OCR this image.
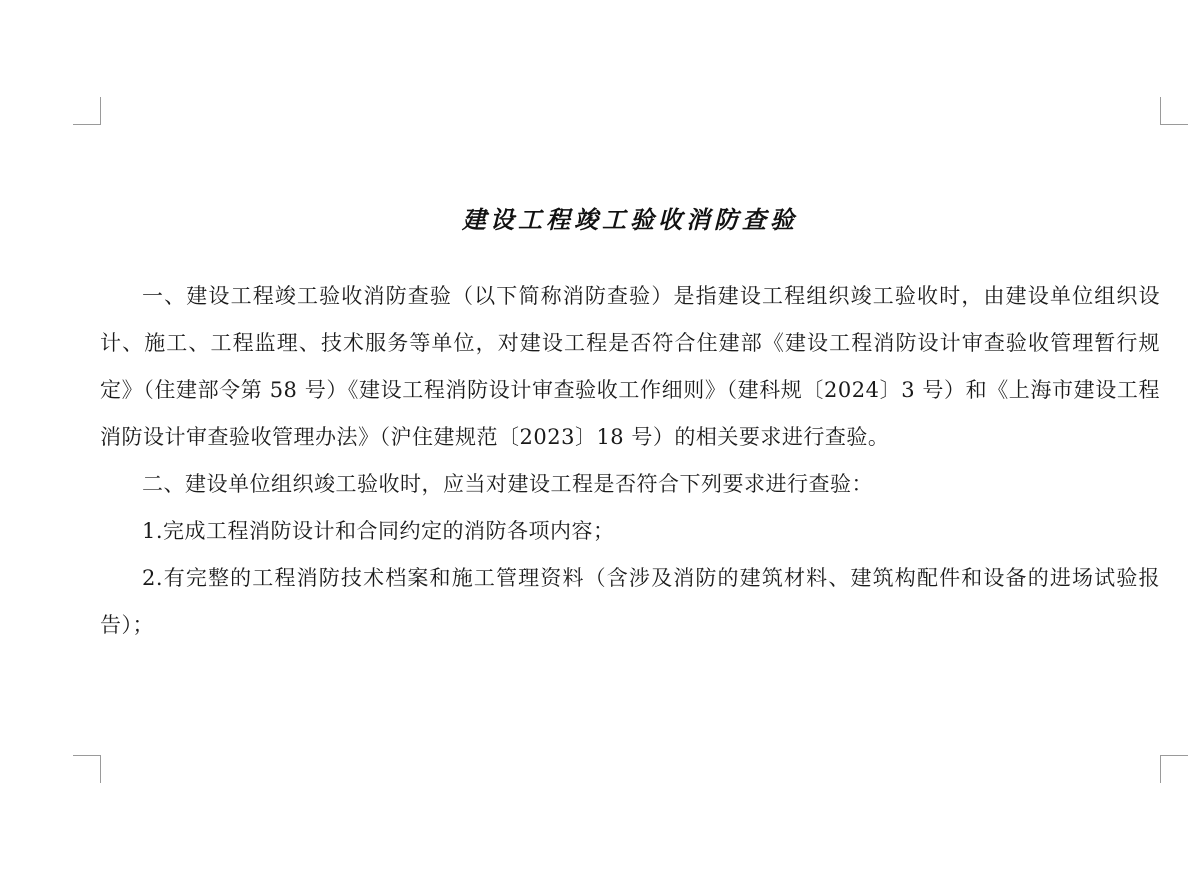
建设工程竣工验收消防查验

一、建设工程竣工验收消防查验（以下简称消防查验）是指建设工程组织竣工验收时，由建设单位组织设计、施工、工程监理、技术服务等单位，对建设工程是否符合住建部《建设工程消防设计审查验收管理暂行规定》（住建部令第 58 号）《建设工程消防设计审查验收工作细则》（建科规〔2024〕3 号）和《上海市建设工程消防设计审查验收管理办法》（沪住建规范〔2023〕18 号）的相关要求进行查验。

二、建设单位组织竣工验收时，应当对建设工程是否符合下列要求进行查验：

1.完成工程消防设计和合同约定的消防各项内容；

2.有完整的工程消防技术档案和施工管理资料（含涉及消防的建筑材料、建筑构配件和设备的进场试验报告）；
